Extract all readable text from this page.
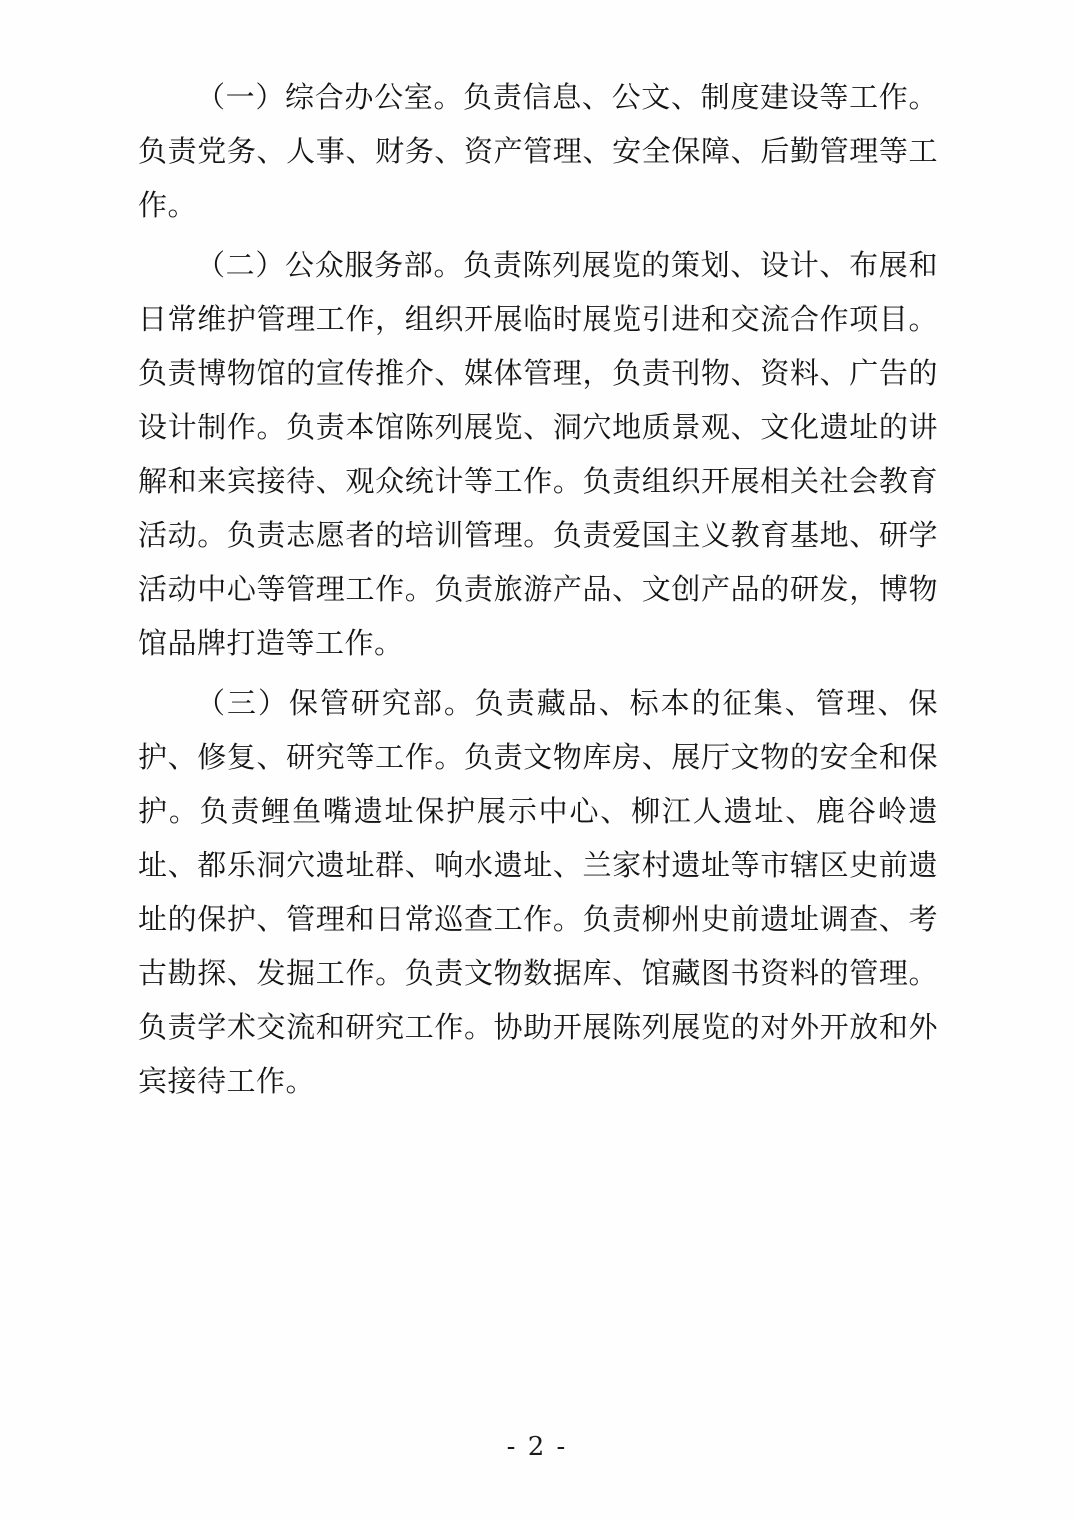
（一）综合办公室。负责信息、公文、制度建设等工作。负责党务、人事、财务、资产管理、安全保障、后勤管理等工作。

（二）公众服务部。负责陈列展览的策划、设计、布展和日常维护管理工作，组织开展临时展览引进和交流合作项目。负责博物馆的宣传推介、媒体管理，负责刊物、资料、广告的设计制作。负责本馆陈列展览、洞穴地质景观、文化遗址的讲解和来宾接待、观众统计等工作。负责组织开展相关社会教育活动。负责志愿者的培训管理。负责爱国主义教育基地、研学活动中心等管理工作。负责旅游产品、文创产品的研发，博物馆品牌打造等工作。

（三）保管研究部。负责藏品、标本的征集、管理、保护、修复、研究等工作。负责文物库房、展厅文物的安全和保护。负责鲤鱼嘴遗址保护展示中心、柳江人遗址、鹿谷岭遗址、都乐洞穴遗址群、响水遗址、兰家村遗址等市辖区史前遗址的保护、管理和日常巡查工作。负责柳州史前遗址调查、考古勘探、发掘工作。负责文物数据库、馆藏图书资料的管理。负责学术交流和研究工作。协助开展陈列展览的对外开放和外宾接待工作。

- 2 -
